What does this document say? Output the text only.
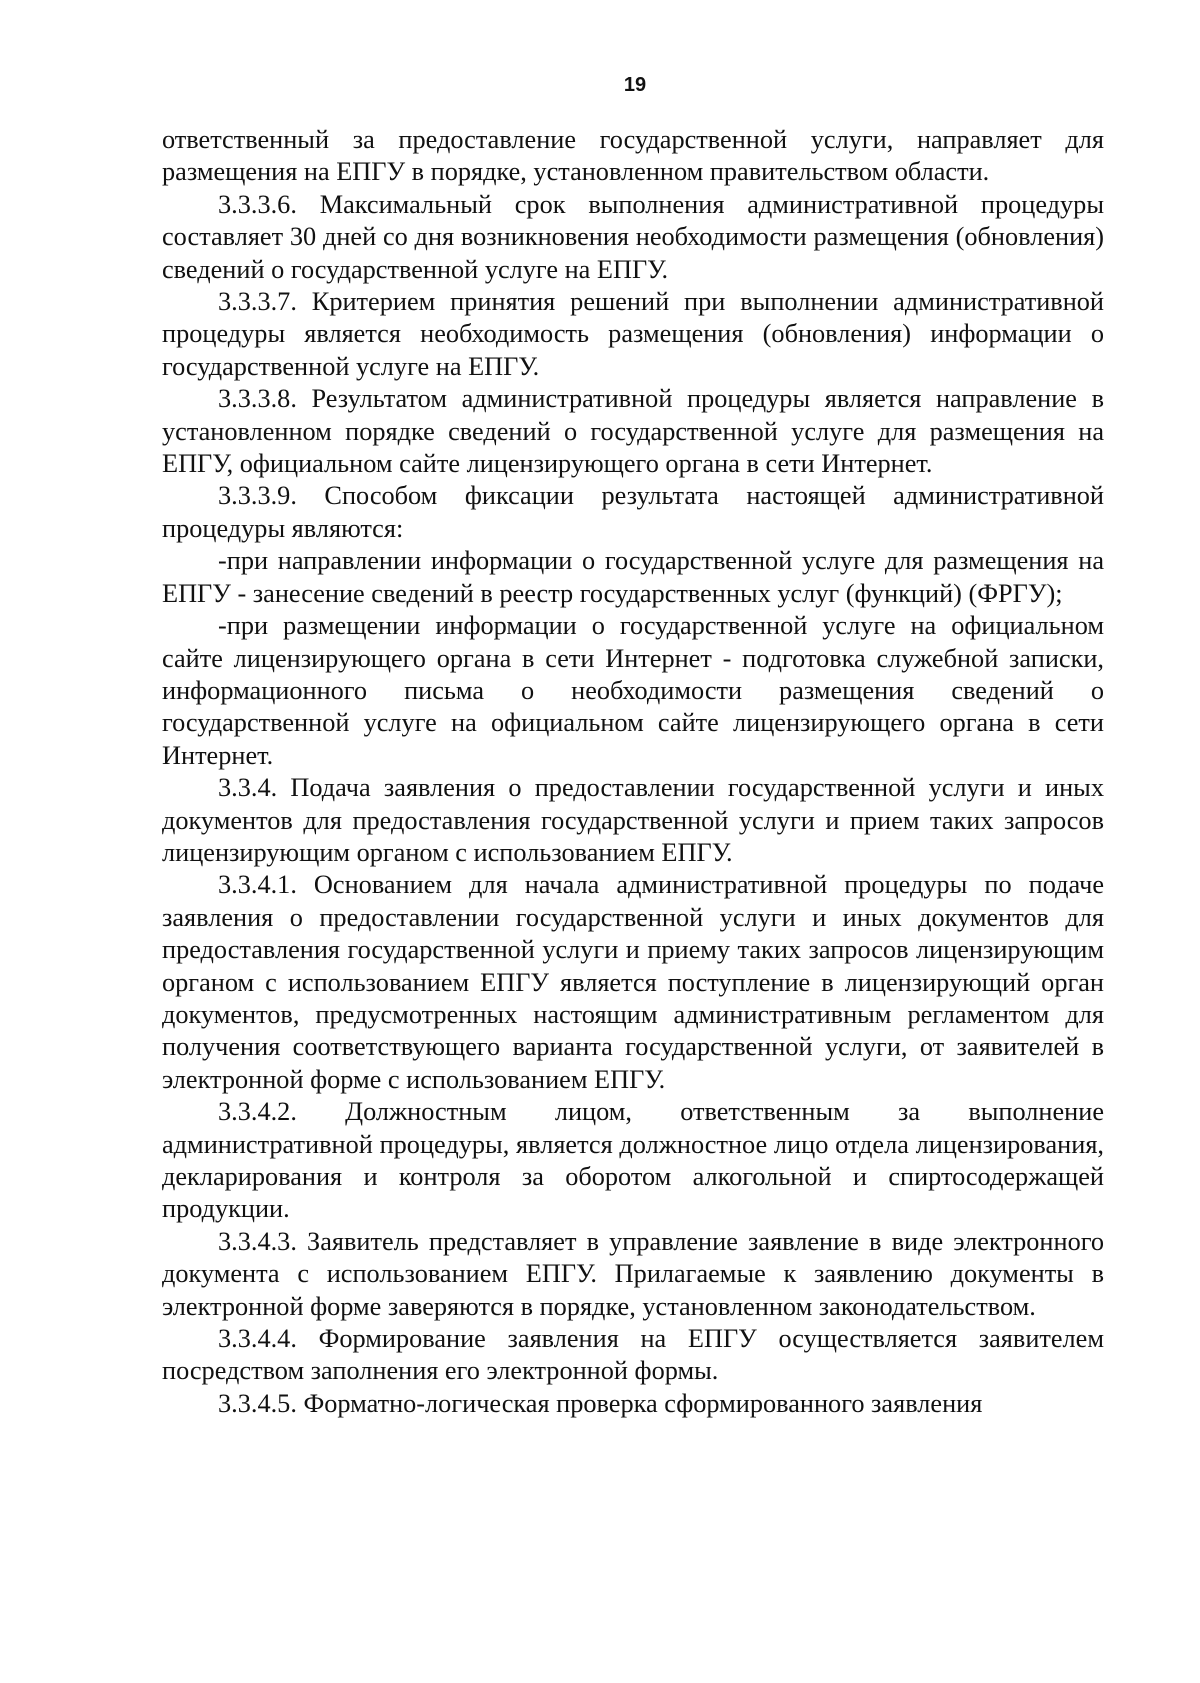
19

ответственный за предоставление государственной услуги, направляет для размещения на ЕПГУ в порядке, установленном правительством области.

3.3.3.6. Максимальный срок выполнения административной процедуры составляет 30 дней со дня возникновения необходимости размещения (обновления) сведений о государственной услуге на ЕПГУ.

3.3.3.7. Критерием принятия решений при выполнении административной процедуры является необходимость размещения (обновления) информации о государственной услуге на ЕПГУ.

3.3.3.8. Результатом административной процедуры является направление в установленном порядке сведений о государственной услуге для размещения на ЕПГУ, официальном сайте лицензирующего органа в сети Интернет.

3.3.3.9. Способом фиксации результата настоящей административной процедуры являются:

-при направлении информации о государственной услуге для размещения на ЕПГУ - занесение сведений в реестр государственных услуг (функций) (ФРГУ);

-при размещении информации о государственной услуге на официальном сайте лицензирующего органа в сети Интернет - подготовка служебной записки, информационного письма о необходимости размещения сведений о государственной услуге на официальном сайте лицензирующего органа в сети Интернет.

3.3.4. Подача заявления о предоставлении государственной услуги и иных документов для предоставления государственной услуги и прием таких запросов лицензирующим органом с использованием ЕПГУ.

3.3.4.1. Основанием для начала административной процедуры по подаче заявления о предоставлении государственной услуги и иных документов для предоставления государственной услуги и приему таких запросов лицензирующим органом с использованием ЕПГУ является поступление в лицензирующий орган документов, предусмотренных настоящим административным регламентом для получения соответствующего варианта государственной услуги, от заявителей в электронной форме с использованием ЕПГУ.

3.3.4.2. Должностным лицом, ответственным за выполнение административной процедуры, является должностное лицо отдела лицензирования, декларирования и контроля за оборотом алкогольной и спиртосодержащей продукции.

3.3.4.3. Заявитель представляет в управление заявление в виде электронного документа с использованием ЕПГУ. Прилагаемые к заявлению документы в электронной форме заверяются в порядке, установленном законодательством.

3.3.4.4. Формирование заявления на ЕПГУ осуществляется заявителем посредством заполнения его электронной формы.

3.3.4.5. Форматно-логическая проверка сформированного заявления
